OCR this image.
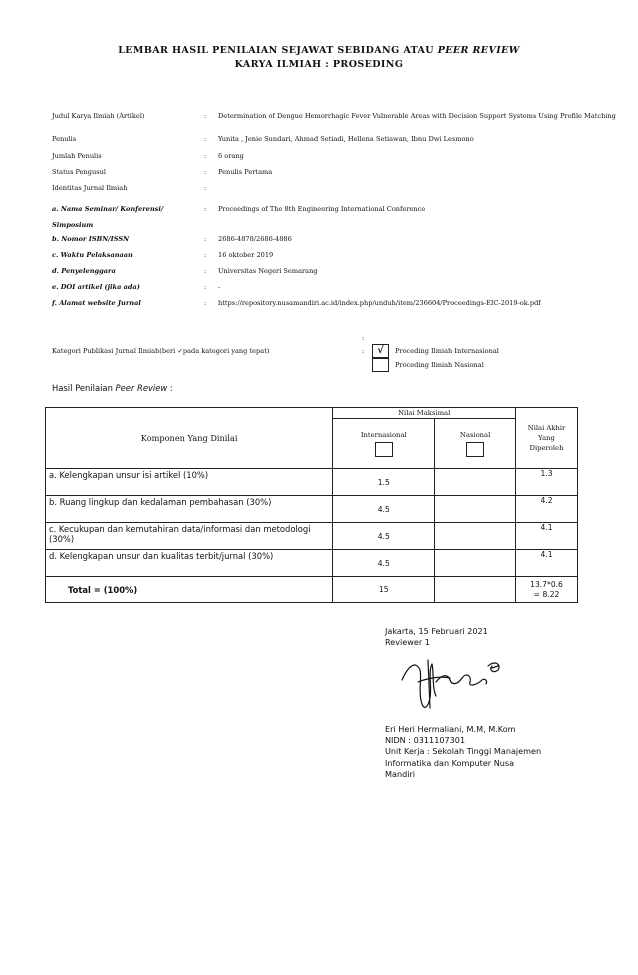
LEMBAR HASIL PENILAIAN SEJAWAT SEBIDANG ATAU PEER REVIEW
KARYA ILMIAH : PROSEDING
Judul Karya Ilmiah (Artikel)	: Determination of Dengue Hemorrhagic Fever Vulnerable Areas with Decision Support Systems Using Profile Matching
Penulis	: Yunita , Jenie Sundari, Ahmad Setiadi, Hellena Setiawan, Ibnu Dwi Lesmono
Jumlah Penulis	: 6 orang
Status Pengusul	: Penulis Pertama
Identitas Jurnal Ilmiah	:
a. Nama Seminar/ Konferensi/ Simposium
: Proceedings of The 8th Engineering International Conference
b. Nomor ISBN/ISSN	: 2686-4878/2686-4886
c. Waktu Pelaksanaan	: 16 oktober 2019
d. Penyelenggara	: Universitas Negeri Semarang
e. DOI artikel (jika ada)	: -
f. Alamat website Jurnal	: https://repository.nusamandiri.ac.id/index.php/unduh/item/236604/Proceedings-EIC-2019-ok.pdf
:
Kategori Publikasi Jurnal Ilmiah(beri ✓pada kategori yang tepat)	:	√	Proceding Ilmiah Internasional
Proceding Ilmiah Nasional
Hasil Penilaian Peer Review :
Komponen Yang Dinilai	Nilai Maksimal		Nilai Akhir Yang Diperoleh

	Internasional	Nasional	

a. Kelengkapan unsur isi artikel (10%)	1.5		1.3
b. Ruang lingkup dan kedalaman pembahasan (30%)	4.5		4.2
c. Kecukupan dan kemutahiran data/informasi dan metodologi (30%)	4.5		4.1
d. Kelengkapan unsur dan kualitas terbit/jurnal (30%)	4.5		4.1
Total = (100%)	15		13.7*0.6
= 8.22
Jakarta, 15 Februari 2021
Reviewer 1
Eri Heri Hermaliani, M.M, M.Kom
NIDN : 0311107301
Unit Kerja : Sekolah Tinggi Manajemen
Informatika dan Komputer Nusa
Mandiri
